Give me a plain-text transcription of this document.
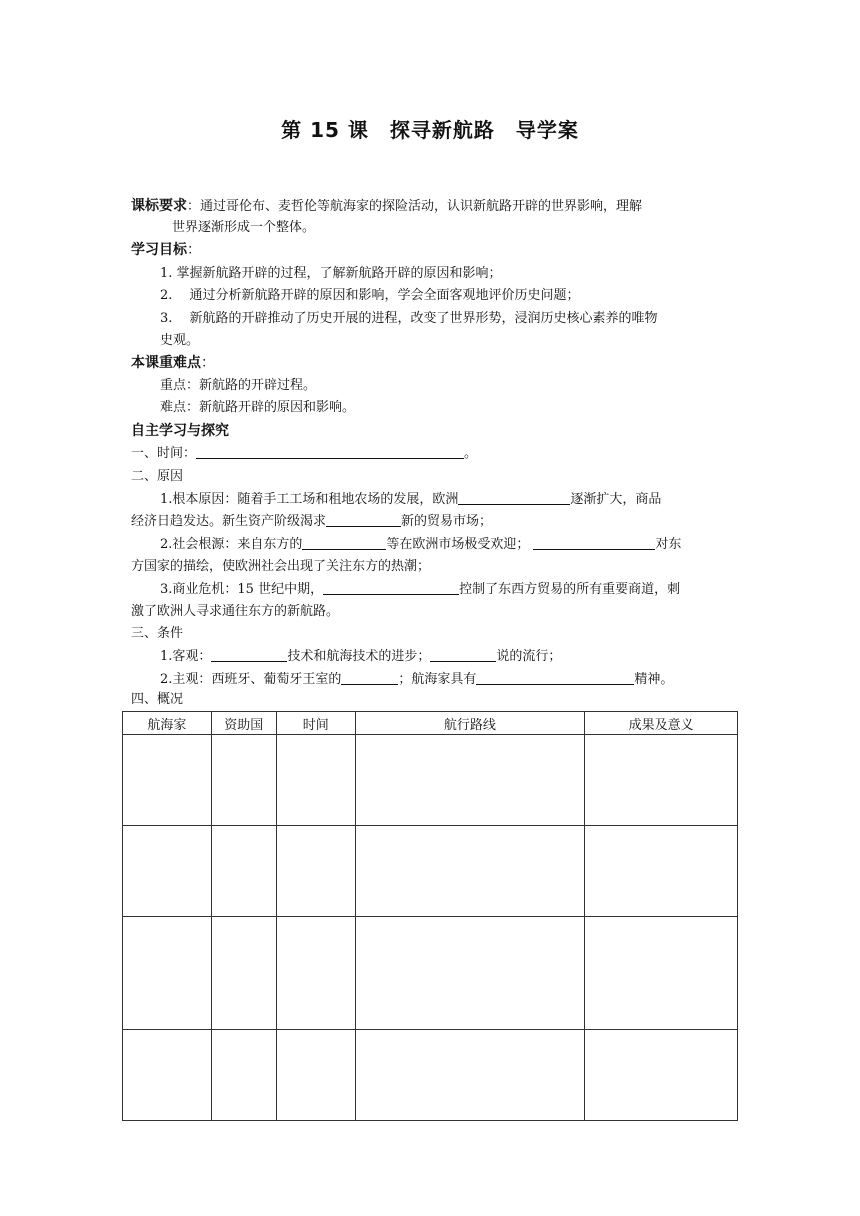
第 15 课　探寻新航路　导学案
课标要求：通过哥伦布、麦哲伦等航海家的探险活动，认识新航路开辟的世界影响，理解
世界逐渐形成一个整体。
学习目标：
1. 掌握新航路开辟的过程，了解新航路开辟的原因和影响；
2.　 通过分析新航路开辟的原因和影响，学会全面客观地评价历史问题；
3.　 新航路的开辟推动了历史开展的进程，改变了世界形势，浸润历史核心素养的唯物
史观。
本课重难点：
重点：新航路的开辟过程。
难点：新航路开辟的原因和影响。
自主学习与探究
一、时间：	。
二、原因
1.根本原因：随着手工工场和租地农场的发展，欧洲	逐渐扩大，商品
经济日趋发达。新生资产阶级渴求	新的贸易市场；
2.社会根源：来自东方的	等在欧洲市场极受欢迎；	对东
方国家的描绘，使欧洲社会出现了关注东方的热潮；
3.商业危机：15 世纪中期，	控制了东西方贸易的所有重要商道，刺
激了欧洲人寻求通往东方的新航路。
三、条件
1.客观：	技术和航海技术的进步；	说的流行；
2.主观：西班牙、葡萄牙王室的	；航海家具有	精神。
四、概况
航海家	资助国	时间	航行路线	成果及意义
